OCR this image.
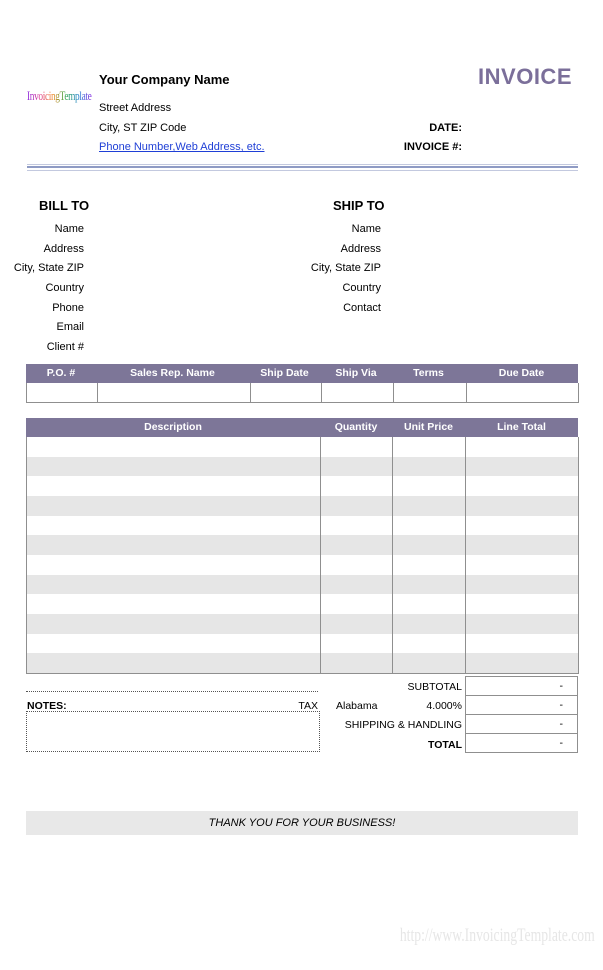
InvoicingTemplate
Your Company Name
Street Address
City, ST ZIP Code
Phone Number,Web Address, etc.
INVOICE
DATE:
INVOICE #:
BILL TO	SHIP TO
Name
Address
City, State ZIP
Country
Phone
Email
Client #
Name
Address
City, State ZIP
Country
Contact
P.O. #	Sales Rep. Name	Ship Date	Ship Via	Terms	Due Date
Description	Quantity	Unit Price	Line Total
SUBTOTAL	-
TAX Alabama	4.000%	-
SHIPPING & HANDLING	-
TOTAL	-
NOTES:
THANK YOU FOR YOUR BUSINESS!
http://www.InvoicingTemplate.com
